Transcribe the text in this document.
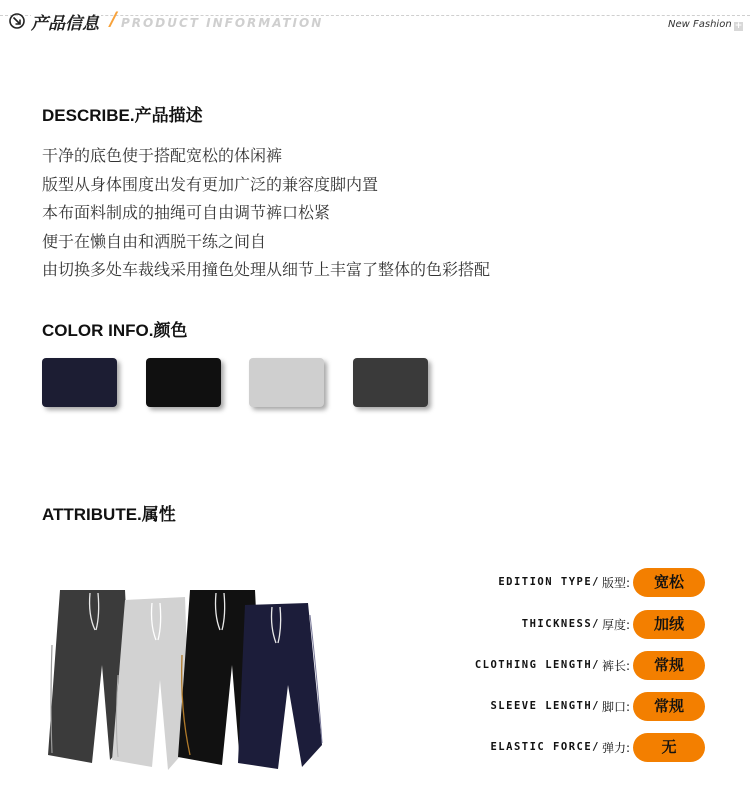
产品信息 / PRODUCT INFORMATION	New Fashion +
DESCRIBE.产品描述
干净的底色使于搭配宽松的体闲裤
版型从身体围度出发有更加广泛的兼容度脚内置
本布面料制成的抽绳可自由调节裤口松紧
便于在懒自由和洒脱干练之间自
由切换多处车裁线采用撞色处理从细节上丰富了整体的色彩搭配
COLOR INFO.颜色
ATTRIBUTE.属性
EDITION TYPE/ 版型:	宽松
THICKNESS/ 厚度:	加绒
CLOTHING LENGTH/ 裤长:	常规
SLEEVE LENGTH/ 脚口:	常规
ELASTIC FORCE/ 弹力:	无
